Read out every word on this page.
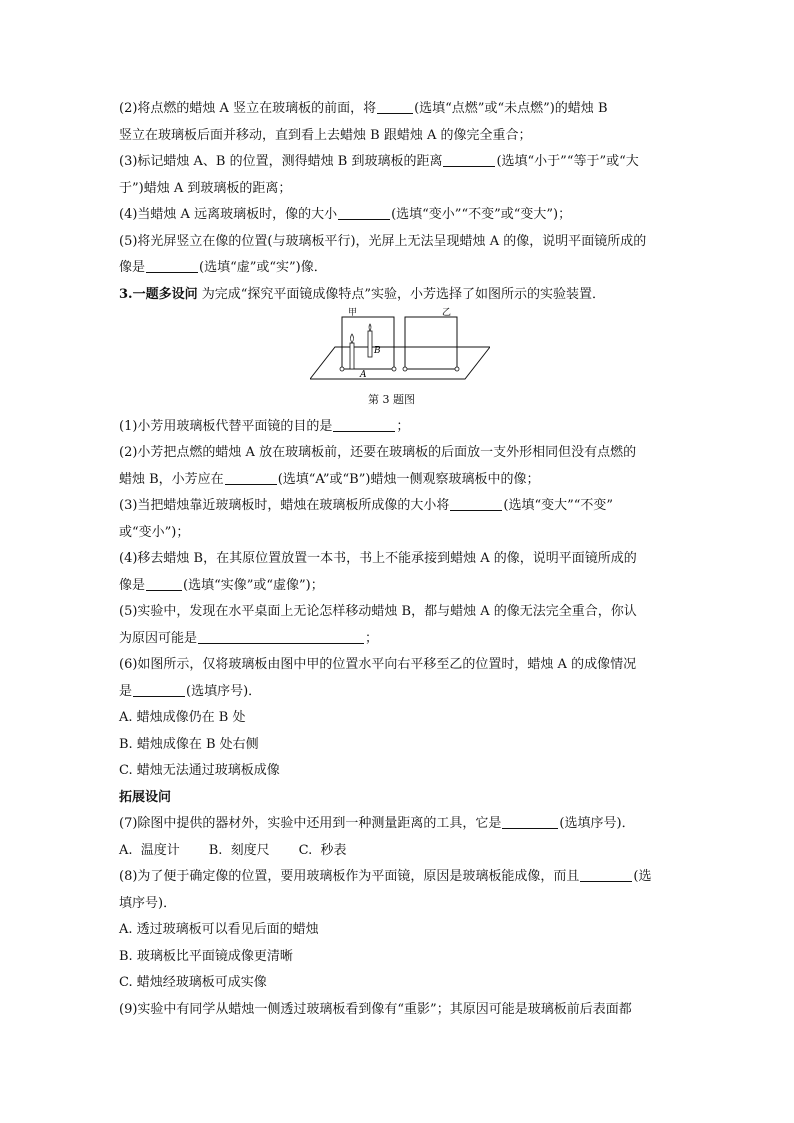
(2)将点燃的蜡烛 A 竖立在玻璃板的前面，将	(选填“点燃”或“未点燃”)的蜡烛 B
竖立在玻璃板后面并移动，直到看上去蜡烛 B 跟蜡烛 A 的像完全重合；
(3)标记蜡烛 A、B 的位置，测得蜡烛 B 到玻璃板的距离	(选填“小于”“等于”或“大
于”)蜡烛 A 到玻璃板的距离；
(4)当蜡烛 A 远离玻璃板时，像的大小	(选填“变小”“不变”或“变大”)；
(5)将光屏竖立在像的位置(与玻璃板平行)，光屏上无法呈现蜡烛 A 的像，说明平面镜所成的
像是	(选填“虚”或“实”)像．
3.一题多设问 为完成“探究平面镜成像特点”实验，小芳选择了如图所示的实验装置．
甲	乙
A
B
第 3 题图
(1)小芳用玻璃板代替平面镜的目的是	；
(2)小芳把点燃的蜡烛 A 放在玻璃板前，还要在玻璃板的后面放一支外形相同但没有点燃的
蜡烛 B，小芳应在	(选填“A”或“B”)蜡烛一侧观察玻璃板中的像；
(3)当把蜡烛靠近玻璃板时，蜡烛在玻璃板所成像的大小将	(选填“变大”“不变”
或“变小”)；
(4)移去蜡烛 B，在其原位置放置一本书，书上不能承接到蜡烛 A 的像，说明平面镜所成的
像是	(选填“实像”或“虚像”)；
(5)实验中，发现在水平桌面上无论怎样移动蜡烛 B，都与蜡烛 A 的像无法完全重合，你认
为原因可能是	；
(6)如图所示，仅将玻璃板由图中甲的位置水平向右平移至乙的位置时，蜡烛 A 的成像情况
是	(选填序号)．
A. 蜡烛成像仍在 B 处
B. 蜡烛成像在 B 处右侧
C. 蜡烛无法通过玻璃板成像
拓展设问
(7)除图中提供的器材外，实验中还用到一种测量距离的工具，它是	(选填序号)．
A.  温度计       B.  刻度尺       C.  秒表
(8)为了便于确定像的位置，要用玻璃板作为平面镜，原因是玻璃板能成像，而且	(选
填序号)．
A. 透过玻璃板可以看见后面的蜡烛
B. 玻璃板比平面镜成像更清晰
C. 蜡烛经玻璃板可成实像
(9)实验中有同学从蜡烛一侧透过玻璃板看到像有“重影”；其原因可能是玻璃板前后表面都
